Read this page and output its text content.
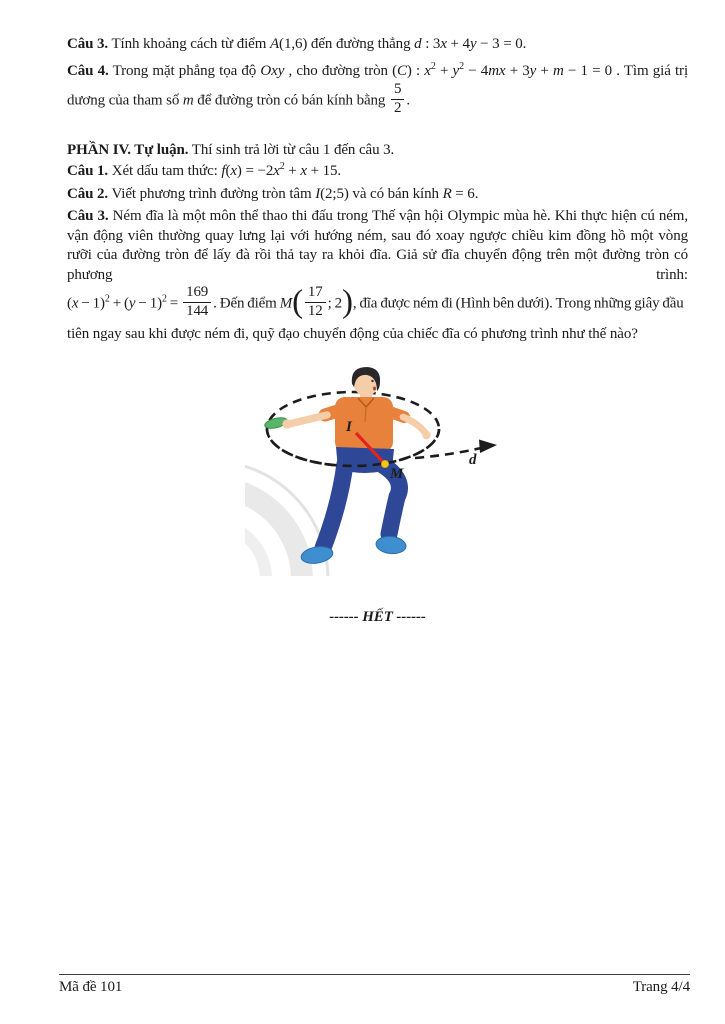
Câu 3. Tính khoảng cách từ điểm A(1,6) đến đường thẳng d : 3x + 4y − 3 = 0.
Câu 4. Trong mặt phẳng tọa độ Oxy , cho đường tròn (C) : $x^2 + y^2 - 4mx + 3y + m - 1 = 0$ . Tìm giá trị
dương của tham số m để đường tròn có bán kính bằng $\frac{5}{2}$ .
PHẦN IV. Tự luận. Thí sinh trả lời từ câu 1 đến câu 3.
Câu 1. Xét dấu tam thức: $f(x) = -2x^2 + x + 15$.
Câu 2. Viết phương trình đường tròn tâm I(2;5) và có bán kính R = 6.
Câu 3. Ném đĩa là một môn thể thao thi đấu trong Thế vận hội Olympic mùa hè. Khi thực hiện cú ném, vận động viên thường quay lưng lại với hướng ném, sau đó xoay ngược chiều kim đồng hồ một vòng rưỡi của đường tròn để lấy đà rồi thả tay ra khỏi đĩa. Giả sử đĩa chuyển động trên một đường tròn có phương trình:
$(x - 1)^2 + (y - 1)^2 = \frac{169}{144}$ . Đến điểm $M( \frac{17}{12}$ ; 2), đĩa được ném đi (Hình bên dưới). Trong những giây đầu
tiên ngay sau khi được ném đi, quỹ đạo chuyển động của chiếc đĩa có phương trình như thế nào?
I
M
d
------ HẾT ------
Mã đề 101	Trang 4/4
